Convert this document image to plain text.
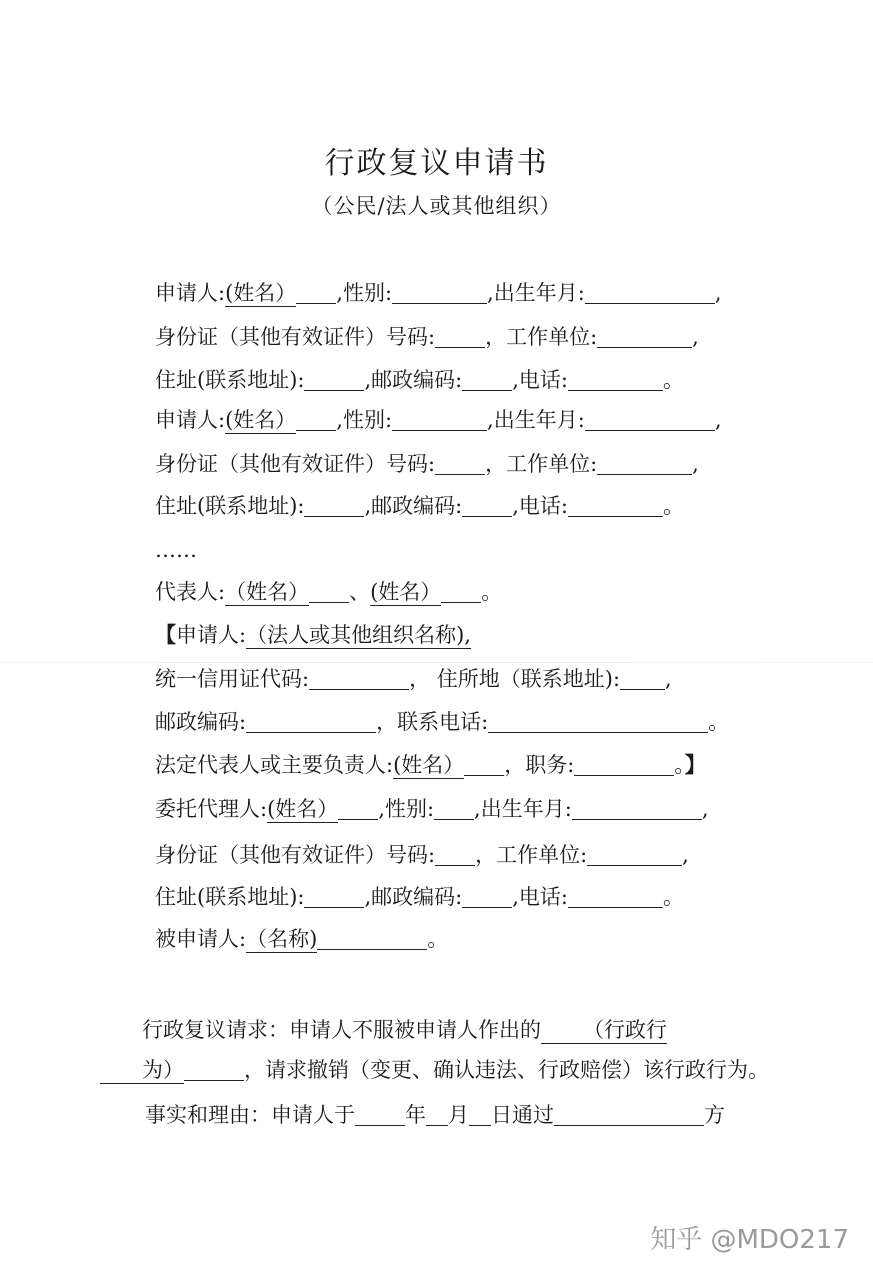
行政复议申请书
（公民/法人或其他组织）
申请人:(姓名） ,性别:	,出生年月:	,
身份证（其他有效证件）号码: ，工作单位:	,
住址(联系地址):	,邮政编码: ,电话:	。
申请人:(姓名） ,性别:	,出生年月:	,
身份证（其他有效证件）号码: ，工作单位:	,
住址(联系地址):	,邮政编码: ,电话:	。
……
代表人:（姓名） 、(姓名） 。
【申请人:（法人或其他组织名称),
统一信用证代码:	， 住所地（联系地址): ,
邮政编码:	，联系电话:	。
法定代表人或主要负责人:(姓名） ，职务:	。】
委托代理人:(姓名） ,性别: ,出生年月:	,
身份证（其他有效证件）号码: ，工作单位:	,
住址(联系地址):	,邮政编码: ,电话:	。
被申请人:（名称)	。
行政复议请求：申请人不服被申请人作出的 （行政行
为）	，请求撤销（变更、确认违法、行政赔偿）该行政行为。
事实和理由：申请人于 年 月 日通过	方
知乎 @MDO217
